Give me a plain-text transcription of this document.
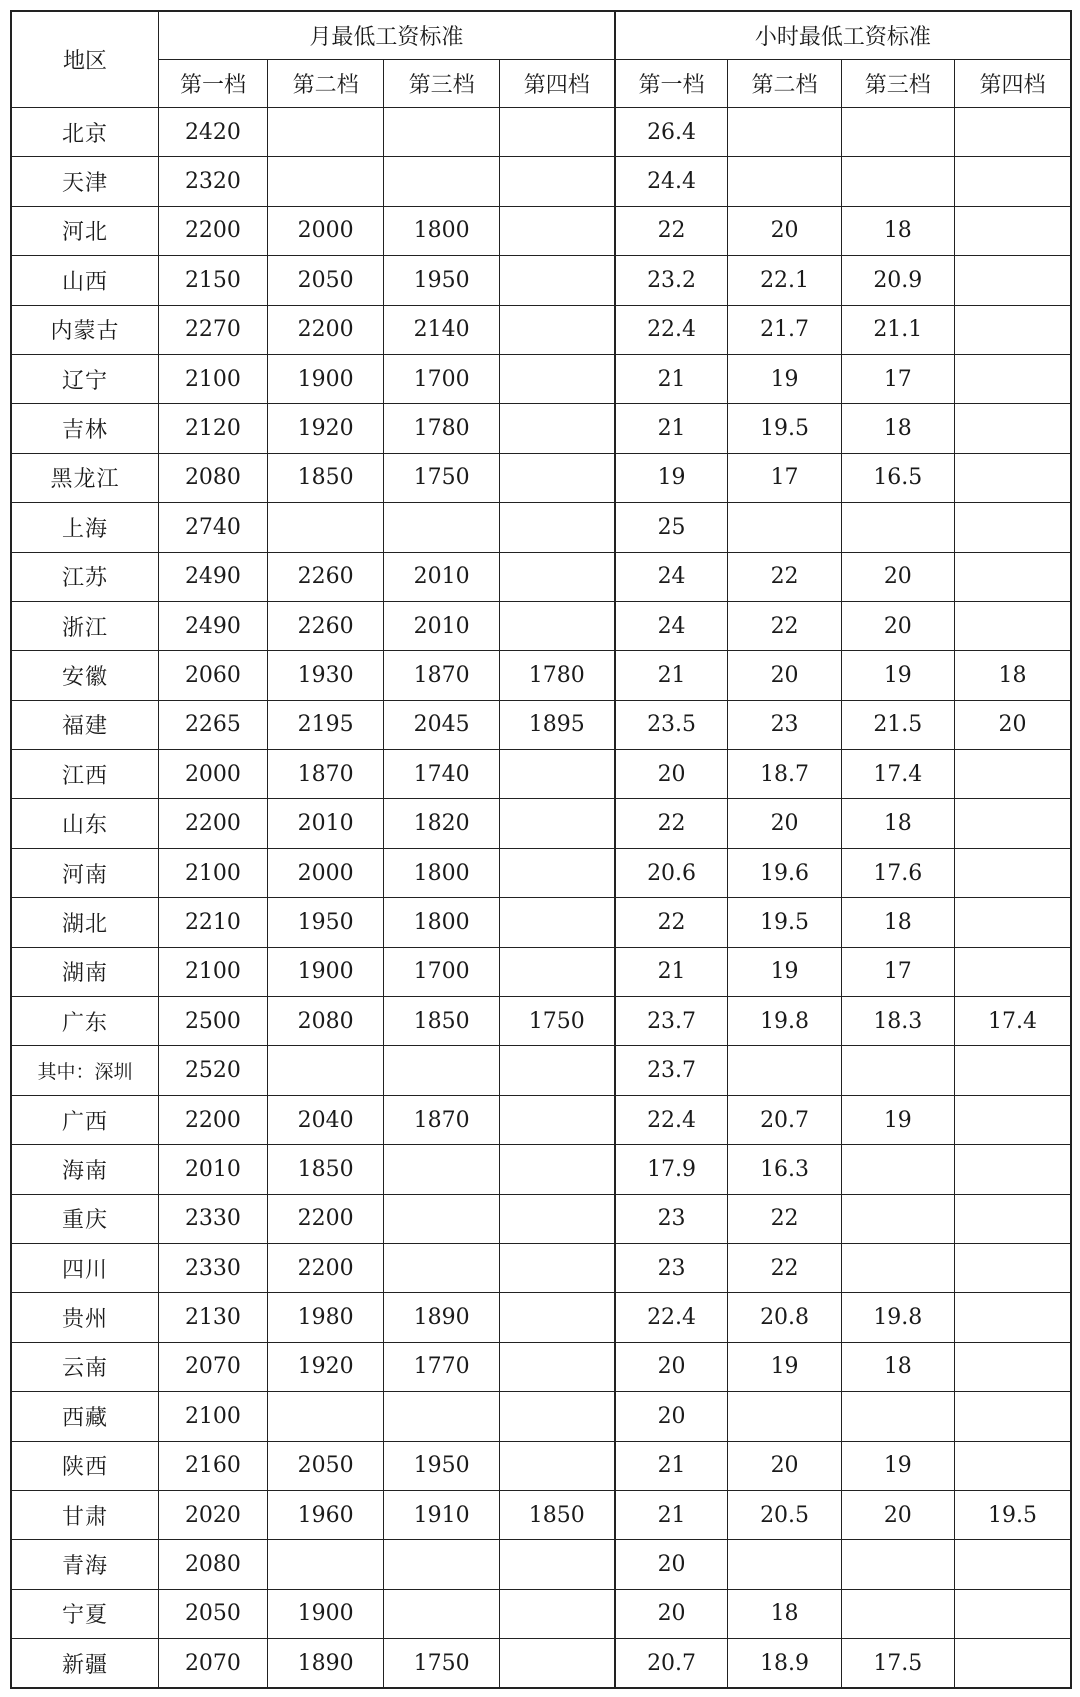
地区	月最低工资标准				小时最低工资标准			
	第一档	第二档	第三档	第四档	第一档	第二档	第三档	第四档
北京	2420				26.4			
天津	2320				24.4			
河北	2200	2000	1800		22	20	18	
山西	2150	2050	1950		23.2	22.1	20.9	
内蒙古	2270	2200	2140		22.4	21.7	21.1	
辽宁	2100	1900	1700		21	19	17	
吉林	2120	1920	1780		21	19.5	18	
黑龙江	2080	1850	1750		19	17	16.5	
上海	2740				25			
江苏	2490	2260	2010		24	22	20	
浙江	2490	2260	2010		24	22	20	
安徽	2060	1930	1870	1780	21	20	19	18
福建	2265	2195	2045	1895	23.5	23	21.5	20
江西	2000	1870	1740		20	18.7	17.4	
山东	2200	2010	1820		22	20	18	
河南	2100	2000	1800		20.6	19.6	17.6	
湖北	2210	1950	1800		22	19.5	18	
湖南	2100	1900	1700		21	19	17	
广东	2500	2080	1850	1750	23.7	19.8	18.3	17.4
其中：深圳	2520				23.7			
广西	2200	2040	1870		22.4	20.7	19	
海南	2010	1850			17.9	16.3		
重庆	2330	2200			23	22		
四川	2330	2200			23	22		
贵州	2130	1980	1890		22.4	20.8	19.8	
云南	2070	1920	1770		20	19	18	
西藏	2100				20			
陕西	2160	2050	1950		21	20	19	
甘肃	2020	1960	1910	1850	21	20.5	20	19.5
青海	2080				20			
宁夏	2050	1900			20	18		
新疆	2070	1890	1750		20.7	18.9	17.5	
